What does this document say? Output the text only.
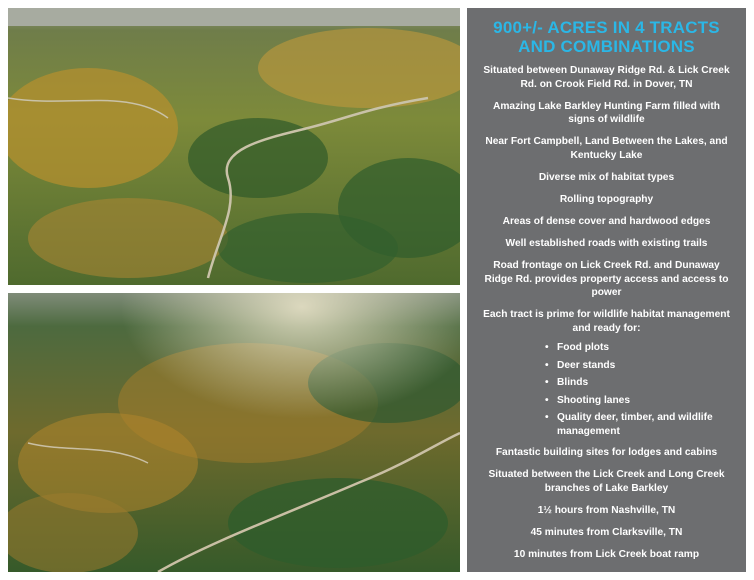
900+/- ACRES IN 4 TRACTS
AND COMBINATIONS

Situated between Dunaway Ridge Rd. & Lick Creek Rd. on Crook Field Rd. in Dover, TN

Amazing Lake Barkley Hunting Farm filled with signs of wildlife

Near Fort Campbell, Land Between the Lakes, and Kentucky Lake

Diverse mix of habitat types

Rolling topography

Areas of dense cover and hardwood edges

Well established roads with existing trails

Road frontage on Lick Creek Rd. and Dunaway Ridge Rd. provides property access and access to power

Each tract is prime for wildlife habitat management and ready for:

• Food plots
• Deer stands
• Blinds
• Shooting lanes
• Quality deer, timber, and wildlife management

Fantastic building sites for lodges and cabins

Situated between the Lick Creek and Long Creek branches of Lake Barkley

1½ hours from Nashville, TN

45 minutes from Clarksville, TN

10 minutes from Lick Creek boat ramp
